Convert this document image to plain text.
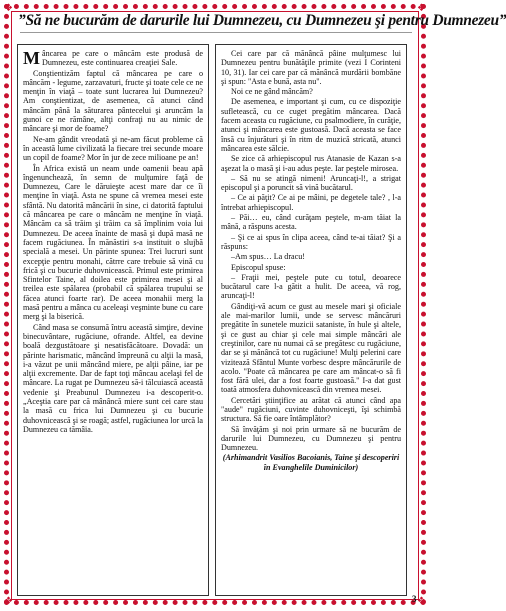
❖	❖
❖	❖
”Să ne bucurăm de darurile lui Dumnezeu, cu Dumnezeu şi pentru Dumnezeu”

Mâncarea pe care o mâncăm este produsă de Dumnezeu, este continuarea creaţiei Sale.

Conştientizăm faptul că mâncarea pe care o mâncăm - legume, zarzavaturi, fructe şi toate cele ce ne menţin în viaţă – toate sunt lucrarea lui Dumnezeu? Am conştientizat, de asemenea, că atunci când mâncăm până la săturarea pântecelui şi aruncăm la gunoi ce ne rămâne, altţi confraţi nu au nimic de mâncare şi mor de foame?

Ne-am gândit vreodată şi ne-am făcut probleme că în această lume civilizată la fiecare trei secunde moare un copil de foame? Mor în jur de zece milioane pe an!

În Africa există un neam unde oamenii beau apă îngenunchează, în semn de mulţumire faţă de Dumnezeu, Care le dăruieşte acest mare dar ce îi menţine în viaţă. Asta ne spune că vremea mesei este sfântă. Nu datorită mâncării în sine, ci datorită faptului că mâncarea pe care o mâncăm ne menţine în viaţă. Mâncăm ca să trăim şi trăim ca să împlinim voia lui Dumnezeu. De aceea înainte de masă şi după masă ne facem rugăciunea. În mănăstiri s-a instituit o slujbă specială a mesei. Un părinte spunea: Trei lucruri sunt excepţie pentru monahi, cătrre care trebuie să vină cu frică şi cu bucurie duhovnicească. Primul este primirea Sfintelor Taine, al doilea este primirea mesei şi al treilea este spălarea (probabil că spălarea trupului se făcea atunci foarte rar). De aceea monahii merg la masă pentru a mânca cu aceleaşi veşminte bune cu care merg şi la biserică.

Când masa se consumă întru această simţire, devine binecuvântare, rugăciune, ofrande. Altfel, ea devine boală dezgustătoare şi nesatisfăcătoare. Dovadă: un părinte harismatic, mâncând împreună cu alţii la masă, i-a văzut pe unii mâncând miere, pe alţii pâine, iar pe alţii excremente. Dar de fapt toţi mâncau acelaşi fel de mâncare. La rugat pe Dumnezeu să-i tălcuiască această vedenie şi Preabunul Dumnezeu i-a descoperit-o. „Aceştia care par că mânâncă miere sunt cei care stau la masă cu frica lui Dumnezeu şi cu bucurie duhovnicească şi se roagă; astfel, rugăciunea lor urcă la Dumnezeu ca tămâia.

Cei care par că mănâncă pâine mulţumesc lui Dumnezeu pentru bunătăţile primite (vezi I Corinteni 10, 31). Iar cei care par că mănâncă murdării bombăne şi spun: "Asta e bună, asta nu".

Noi ce ne gând mâncăm?

De asemenea, e important şi cum, cu ce dispoziţie sufletească, cu ce cuget pregătim mâncarea. Dacă facem aceasta cu rugăciune, cu psalmodiere, în curăţie, atunci şi mâncarea este gustoasă. Dacă aceasta se face însă cu înjurături şi în ritm de muzică stricată, atunci mâncarea este sălcie.

Se zice că arhiepiscopul rus Atanasie de Kazan s-a aşezat la o masă şi i-au adus peşte. Iar peştele mirosea.

– Să nu se atingă nimeni! Aruncaţi-l!, a strigat episcopul şi a poruncit să vină bucătarul.

– Ce ai păţit? Ce ai pe mâini, pe degetele tale? , l-a întrebat arhiepiscopul.

– Păi… eu, când curăţam peştele, m-am tăiat la mână, a răspuns acesta.

– Şi ce ai spus în clipa aceea, când te-ai tăiat? Şi a răspuns:

–Am spus… La dracu!

Episcopul spuse:

– Fraţii mei, peştele pute cu totul, deoarece bucătarul care l-a gătit a hulit. De aceea, vă rog, aruncaţi-l!

Gândiţi-vă acum ce gust au mesele mari şi oficiale ale mai-marilor lumii, unde se servesc mâncăruri pregătite în sunetele muzicii sataniste, în hule şi altele, şi ce gust au chiar şi cele mai simple mâncări ale creştinilor, care nu numai că se pregătesc cu rugăciune, dar se şi mănâncă tot cu rugăciune! Mulţi pelerini care vizitează Sfântul Munte vorbesc despre mâncărurile de acolo. "Poate că mâncarea pe care am mâncat-o să fi fost fără ulei, dar a fost foarte gustoasă." I-a dat gust toată atmosfera duhovnicească din vremea mesei.

Cercetări ştiinţifice au arătat că atunci când apa "aude" rugăciuni, cuvinte duhovniceşti, îşi schimbă structura. Să fie oare întâmplător?

Să învăţăm şi noi prin urmare să ne bucurăm de darurile lui Dumnezeu, cu Dumnezeu şi pentru Dumnezeu.

(Arhimandrit Vasilios Bacoianis, Taine şi descoperiri în Evanghelile Duminicilor)

3
